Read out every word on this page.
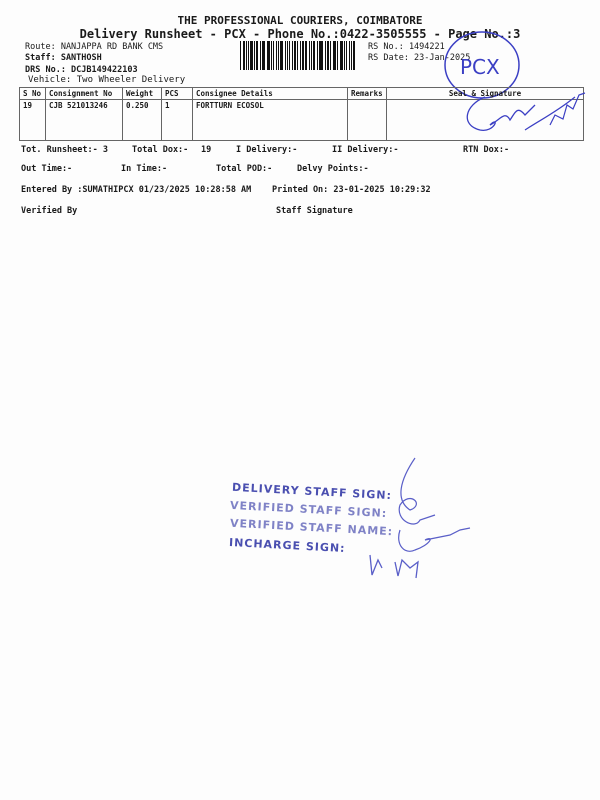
THE PROFESSIONAL COURIERS, COIMBATORE
Delivery Runsheet - PCX - Phone No.:0422-3505555 - Page No.:3
Route: NANJAPPA RD BANK CMS
Staff: SANTHOSH
DRS No.: DCJB149422103
Vehicle: Two Wheeler Delivery
RS No.: 1494221
RS Date: 23-Jan-2025
PCX
S No	Consignment No	Weight	PCS	Consignee Details	Remarks	Seal & Signature
19	CJB 521013246	0.250	1	FORTTURN ECOSOL		
Tot. Runsheet:- 3	Total Dox:- 19	I Delivery:-	II Delivery:-	RTN Dox:-
Out Time:-	In Time:-	Total POD:-	Delvy Points:-
Entered By :SUMATHIPCX 01/23/2025 10:28:58 AM Printed On: 23-01-2025 10:29:32
Verified By	Staff Signature
DELIVERY STAFF SIGN:
VERIFIED STAFF SIGN:
VERIFIED STAFF NAME:
INCHARGE SIGN:
